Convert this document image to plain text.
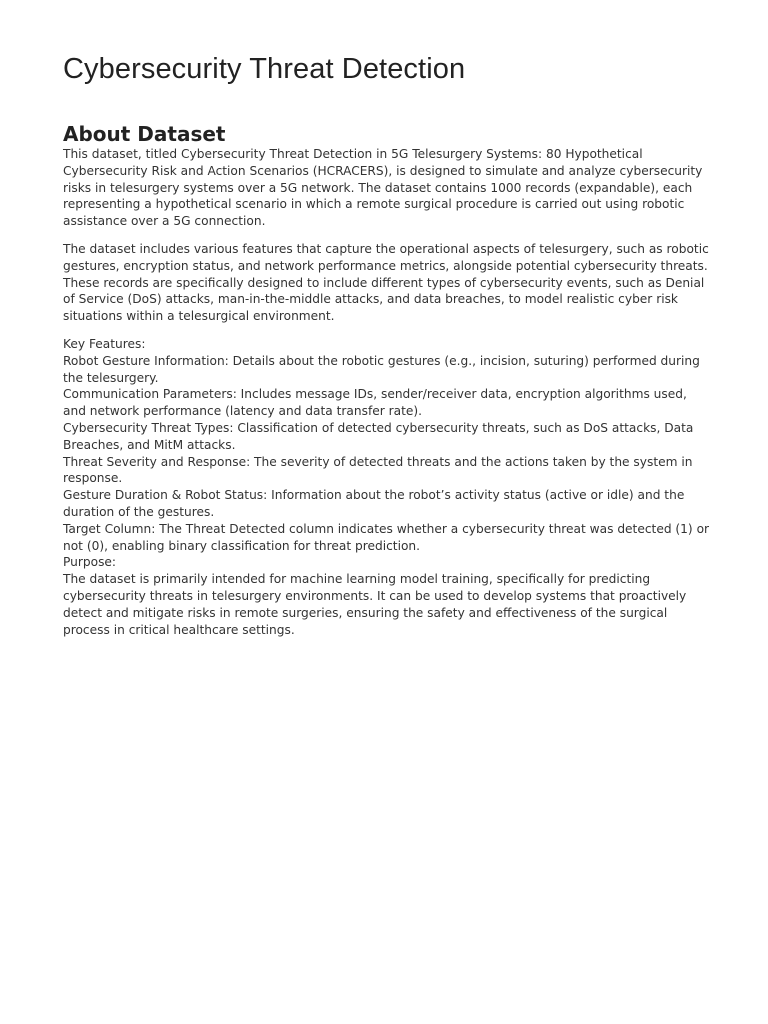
Cybersecurity Threat Detection
About Dataset

This dataset, titled Cybersecurity Threat Detection in 5G Telesurgery Systems: 80 Hypothetical Cybersecurity Risk and Action Scenarios (HCRACERS), is designed to simulate and analyze cybersecurity risks in telesurgery systems over a 5G network. The dataset contains 1000 records (expandable), each representing a hypothetical scenario in which a remote surgical procedure is carried out using robotic assistance over a 5G connection.

The dataset includes various features that capture the operational aspects of telesurgery, such as robotic gestures, encryption status, and network performance metrics, alongside potential cybersecurity threats. These records are specifically designed to include different types of cybersecurity events, such as Denial of Service (DoS) attacks, man-in-the-middle attacks, and data breaches, to model realistic cyber risk situations within a telesurgical environment.

Key Features:
Robot Gesture Information: Details about the robotic gestures (e.g., incision, suturing) performed during the telesurgery.
Communication Parameters: Includes message IDs, sender/receiver data, encryption algorithms used, and network performance (latency and data transfer rate).
Cybersecurity Threat Types: Classification of detected cybersecurity threats, such as DoS attacks, Data Breaches, and MitM attacks.
Threat Severity and Response: The severity of detected threats and the actions taken by the system in response.
Gesture Duration & Robot Status: Information about the robot’s activity status (active or idle) and the duration of the gestures.
Target Column: The Threat Detected column indicates whether a cybersecurity threat was detected (1) or not (0), enabling binary classification for threat prediction.
Purpose:
The dataset is primarily intended for machine learning model training, specifically for predicting cybersecurity threats in telesurgery environments. It can be used to develop systems that proactively detect and mitigate risks in remote surgeries, ensuring the safety and effectiveness of the surgical process in critical healthcare settings.
